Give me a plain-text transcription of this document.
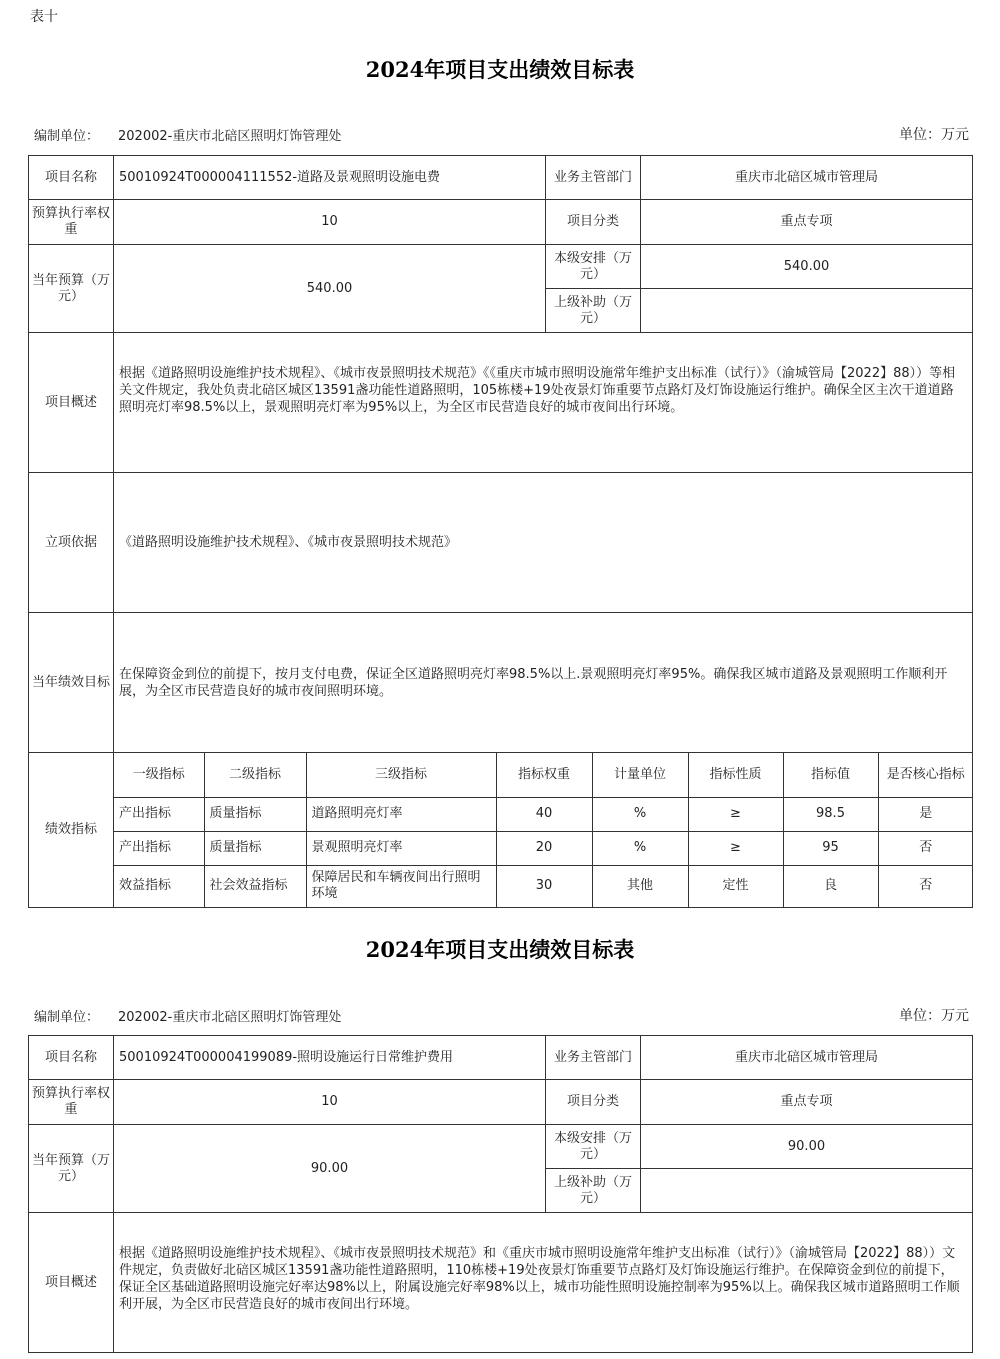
表十
2024年项目支出绩效目标表
编制单位： 202002-重庆市北碚区照明灯饰管理处	单位：万元
项目名称	50010924T000004111552-道路及景观照明设施电费	业务主管部门	重庆市北碚区城市管理局
预算执行率权重	10	项目分类	重点专项
当年预算（万元）	540.00	本级安排（万元）	540.00
上级补助（万元）	
项目概述	根据《道路照明设施维护技术规程》、《城市夜景照明技术规范》《《重庆市城市照明设施常年维护支出标准（试行）》（渝城管局【2022】88））等相关文件规定，我处负责北碚区城区13591盏功能性道路照明，105栋楼+19处夜景灯饰重要节点路灯及灯饰设施运行维护。确保全区主次干道道路照明亮灯率98.5%以上，景观照明亮灯率为95%以上，为全区市民营造良好的城市夜间出行环境。
立项依据	《道路照明设施维护技术规程》、《城市夜景照明技术规范》
当年绩效目标	在保障资金到位的前提下，按月支付电费，保证全区道路照明亮灯率98.5%以上.景观照明亮灯率95%。确保我区城市道路及景观照明工作顺利开展，为全区市民营造良好的城市夜间照明环境。
绩效指标	
一级指标	二级指标	三级指标	指标权重	计量单位	指标性质	指标值	是否核心指标
产出指标	质量指标	道路照明亮灯率	40	%	≥	98.5	是
产出指标	质量指标	景观照明亮灯率	20	%	≥	95	否
效益指标	社会效益指标	保障居民和车辆夜间出行照明环境	30	其他	定性	良	否
2024年项目支出绩效目标表
编制单位： 202002-重庆市北碚区照明灯饰管理处	单位：万元
项目名称	50010924T000004199089-照明设施运行日常维护费用	业务主管部门	重庆市北碚区城市管理局
预算执行率权重	10	项目分类	重点专项
当年预算（万元）	90.00	本级安排（万元）	90.00
		上级补助（万元）	
项目概述	根据《道路照明设施维护技术规程》、《城市夜景照明技术规范》和《重庆市城市照明设施常年维护支出标准（试行）》（渝城管局【2022】88））文件规定，负责做好北碚区城区13591盏功能性道路照明，110栋楼+19处夜景灯饰重要节点路灯及灯饰设施运行维护。在保障资金到位的前提下，保证全区基础道路照明设施完好率达98%以上，附属设施完好率98%以上，城市功能性照明设施控制率为95%以上。确保我区城市道路照明工作顺利开展，为全区市民营造良好的城市夜间出行环境。		
